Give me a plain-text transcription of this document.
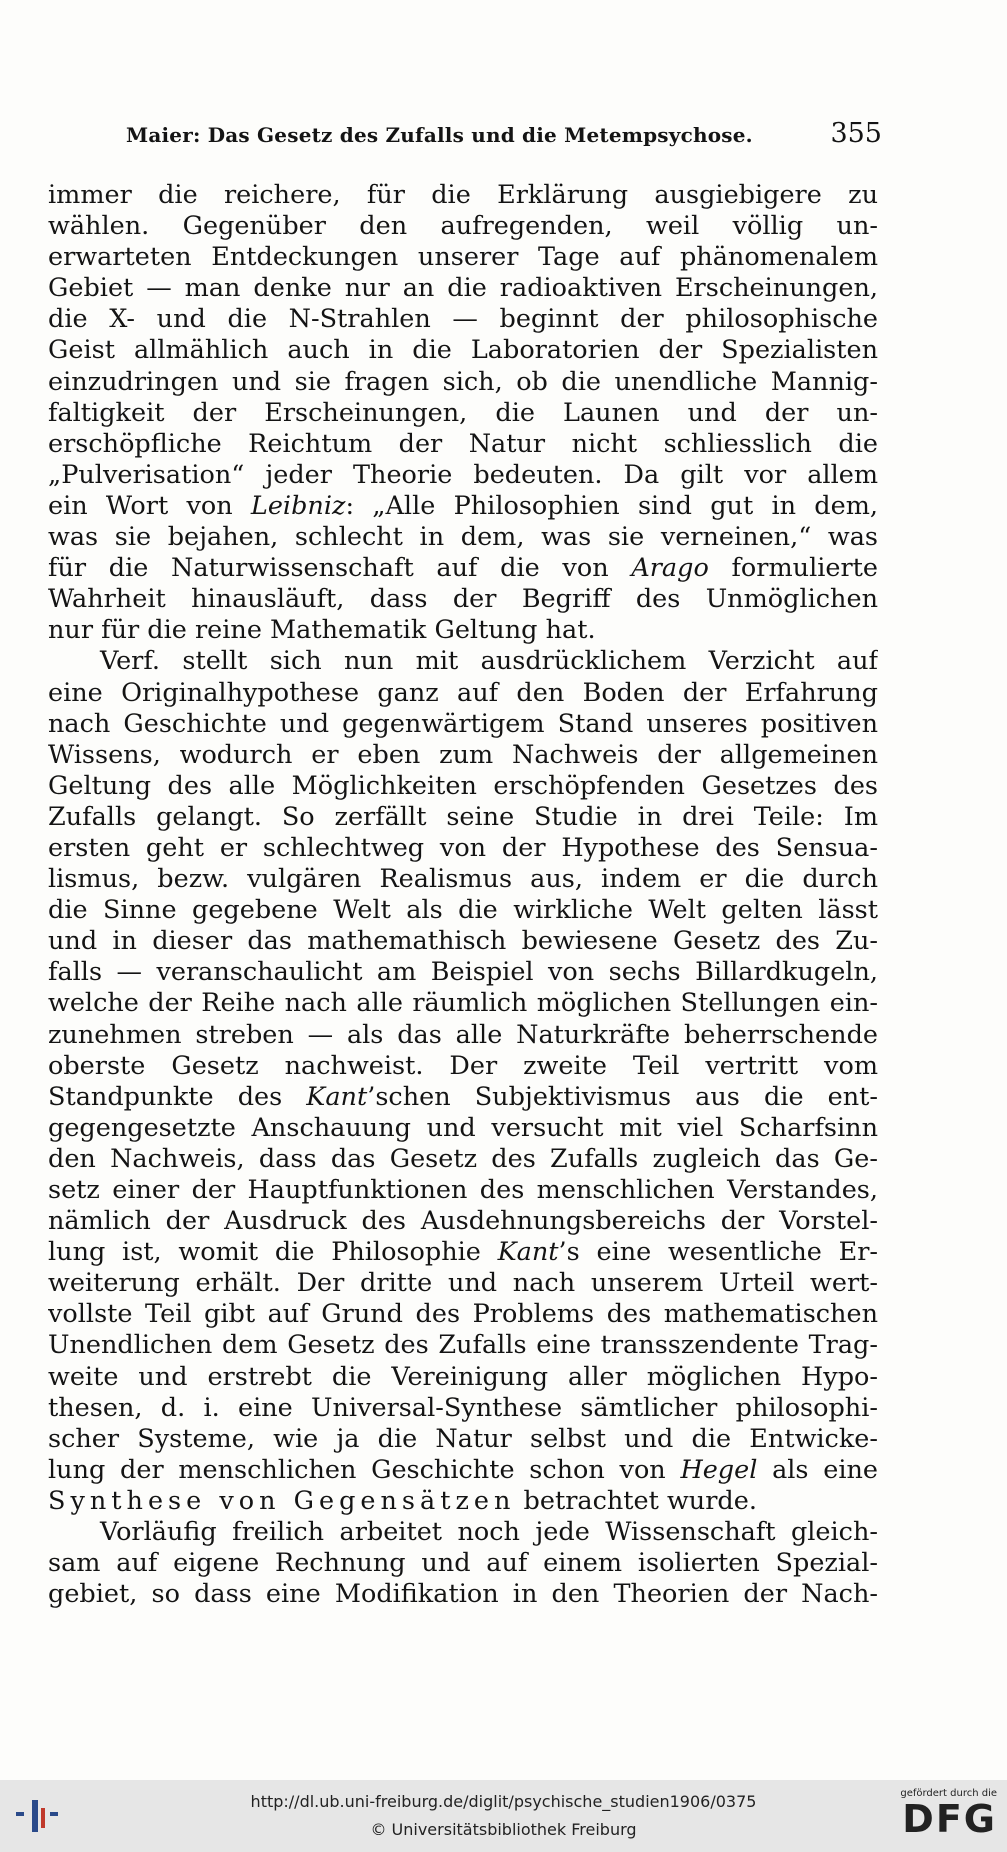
Maier: Das Gesetz des Zufalls und die Metempsychose.	355
immer die reichere, für die Erklärung ausgiebigere zu
wählen. Gegenüber den aufregenden, weil völlig un-
erwarteten Entdeckungen unserer Tage auf phänomenalem
Gebiet — man denke nur an die radioaktiven Erscheinungen,
die X- und die N-Strahlen — beginnt der philosophische
Geist allmählich auch in die Laboratorien der Spezialisten
einzudringen und sie fragen sich, ob die unendliche Mannig-
faltigkeit der Erscheinungen, die Launen und der un-
erschöpfliche Reichtum der Natur nicht schliesslich die
„Pulverisation“ jeder Theorie bedeuten. Da gilt vor allem
ein Wort von Leibniz: „Alle Philosophien sind gut in dem,
was sie bejahen, schlecht in dem, was sie verneinen,“ was
für die Naturwissenschaft auf die von Arago formulierte
Wahrheit hinausläuft, dass der Begriff des Unmöglichen
nur für die reine Mathematik Geltung hat.
Verf. stellt sich nun mit ausdrücklichem Verzicht auf
eine Originalhypothese ganz auf den Boden der Erfahrung
nach Geschichte und gegenwärtigem Stand unseres positiven
Wissens, wodurch er eben zum Nachweis der allgemeinen
Geltung des alle Möglichkeiten erschöpfenden Gesetzes des
Zufalls gelangt. So zerfällt seine Studie in drei Teile: Im
ersten geht er schlechtweg von der Hypothese des Sensua-
lismus, bezw. vulgären Realismus aus, indem er die durch
die Sinne gegebene Welt als die wirkliche Welt gelten lässt
und in dieser das mathemathisch bewiesene Gesetz des Zu-
falls — veranschaulicht am Beispiel von sechs Billardkugeln,
welche der Reihe nach alle räumlich möglichen Stellungen ein-
zunehmen streben — als das alle Naturkräfte beherrschende
oberste Gesetz nachweist. Der zweite Teil vertritt vom
Standpunkte des Kant’schen Subjektivismus aus die ent-
gegengesetzte Anschauung und versucht mit viel Scharfsinn
den Nachweis, dass das Gesetz des Zufalls zugleich das Ge-
setz einer der Hauptfunktionen des menschlichen Verstandes,
nämlich der Ausdruck des Ausdehnungsbereichs der Vorstel-
lung ist, womit die Philosophie Kant’s eine wesentliche Er-
weiterung erhält. Der dritte und nach unserem Urteil wert-
vollste Teil gibt auf Grund des Problems des mathematischen
Unendlichen dem Gesetz des Zufalls eine transszendente Trag-
weite und erstrebt die Vereinigung aller möglichen Hypo-
thesen, d. i. eine Universal-Synthese sämtlicher philosophi-
scher Systeme, wie ja die Natur selbst und die Entwicke-
lung der menschlichen Geschichte schon von Hegel als eine
Synthese von Gegensätzen betrachtet wurde.
Vorläufig freilich arbeitet noch jede Wissenschaft gleich-
sam auf eigene Rechnung und auf einem isolierten Spezial-
gebiet, so dass eine Modifikation in den Theorien der Nach-
http://dl.ub.uni-freiburg.de/diglit/psychische_studien1906/0375
© Universitätsbibliothek Freiburg
gefördert durch die
DFG
